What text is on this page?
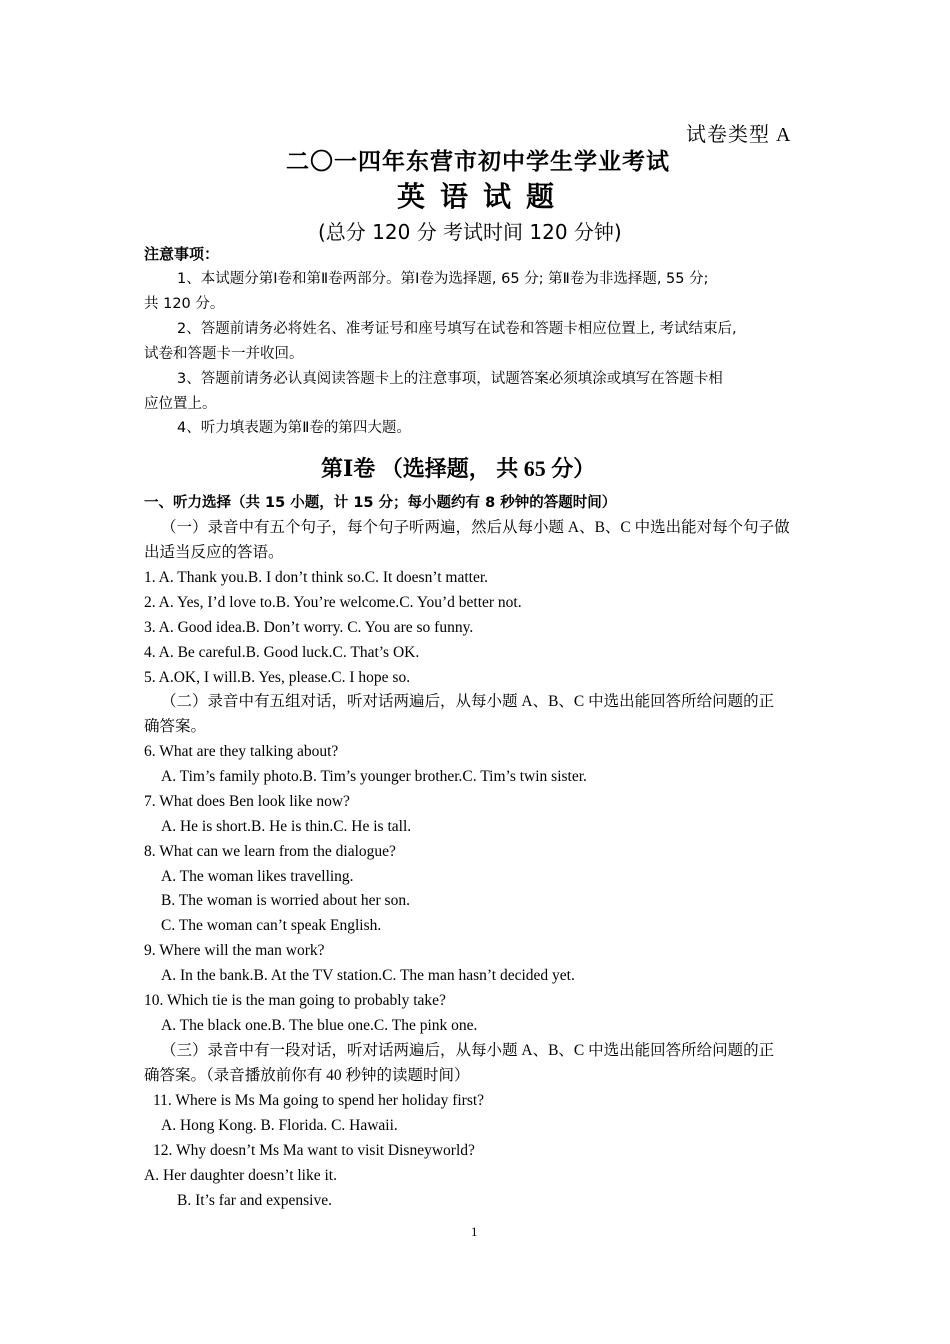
试卷类型 A
二〇一四年东营市初中学生学业考试
英 语 试 题
(总分 120 分 考试时间 120 分钟)
注意事项：
1、本试题分第Ⅰ卷和第Ⅱ卷两部分。第Ⅰ卷为选择题, 65 分; 第Ⅱ卷为非选择题, 55 分;
共 120 分。
2、答题前请务必将姓名、准考证号和座号填写在试卷和答题卡相应位置上, 考试结束后,
试卷和答题卡一并收回。
3、答题前请务必认真阅读答题卡上的注意事项，试题答案必须填涂或填写在答题卡相
应位置上。
4、听力填表题为第Ⅱ卷的第四大题。
第Ⅰ卷 （选择题， 共 65 分）
一、听力选择（共 15 小题，计 15 分；每小题约有 8 秒钟的答题时间）
（一）录音中有五个句子，每个句子听两遍，然后从每小题 A、B、C 中选出能对每个句子做
出适当反应的答语。
1. A. Thank you.B. I don’t think so.C. It doesn’t matter.
2. A. Yes, I’d love to.B. You’re welcome.C. You’d better not.
3. A. Good idea.B. Don’t worry. C. You are so funny.
4. A. Be careful.B. Good luck.C. That’s OK.
5. A.OK, I will.B. Yes, please.C. I hope so.
（二）录音中有五组对话，听对话两遍后，从每小题 A、B、C 中选出能回答所给问题的正
确答案。
6. What are they talking about?
A. Tim’s family photo.B. Tim’s younger brother.C. Tim’s twin sister.
7. What does Ben look like now?
A. He is short.B. He is thin.C. He is tall.
8. What can we learn from the dialogue?
A. The woman likes travelling.
B. The woman is worried about her son.
C. The woman can’t speak English.
9. Where will the man work?
A. In the bank.B. At the TV station.C. The man hasn’t decided yet.
10. Which tie is the man going to probably take?
A. The black one.B. The blue one.C. The pink one.
（三）录音中有一段对话，听对话两遍后，从每小题 A、B、C 中选出能回答所给问题的正
确答案。（录音播放前你有 40 秒钟的读题时间）
11. Where is Ms Ma going to spend her holiday first?
A. Hong Kong. B. Florida. C. Hawaii.
12. Why doesn’t Ms Ma want to visit Disneyworld?
A. Her daughter doesn’t like it.
B. It’s far and expensive.
1
